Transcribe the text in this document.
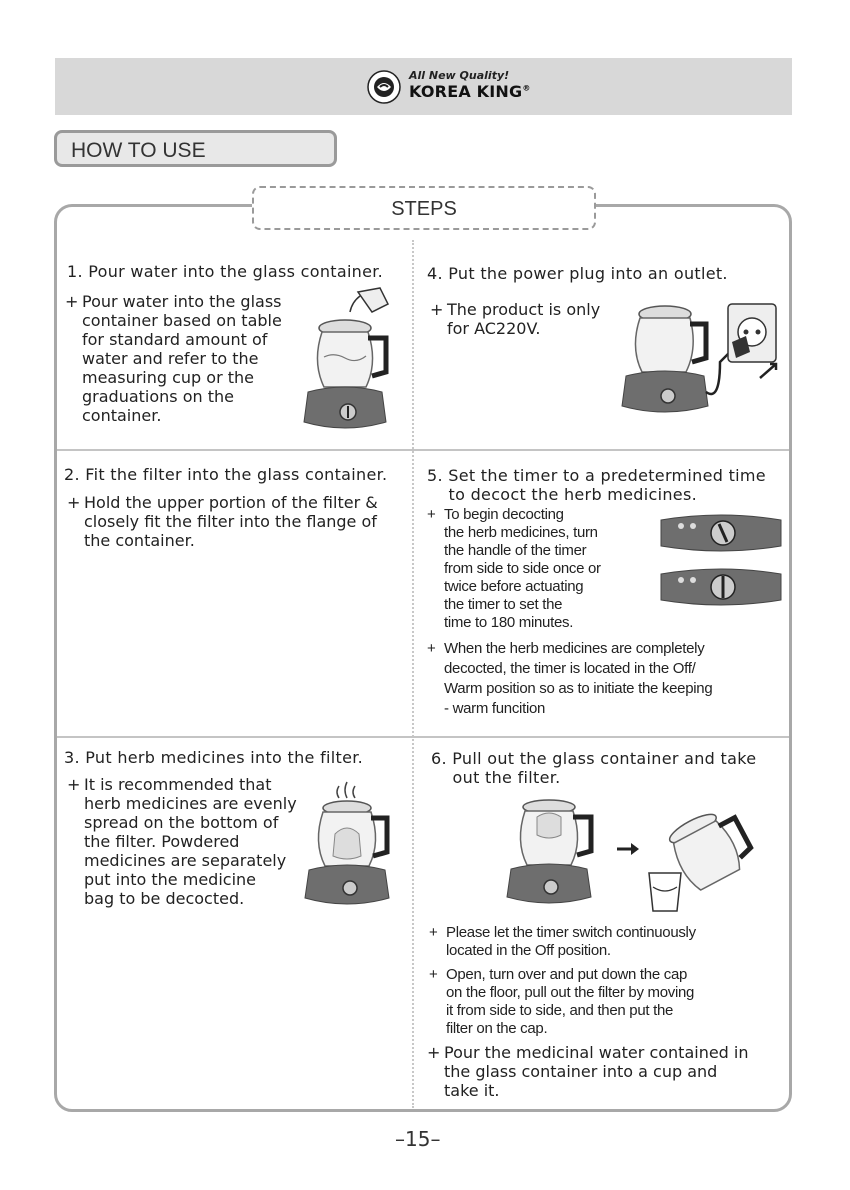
All New Quality!
KOREA KING®
HOW TO USE
STEPS
1. Pour water into the glass container.
+ Pour water into the glass
container based on table
for standard amount of
water and refer to the
measuring cup or the
graduations on the
container.
4. Put the power plug into an outlet.
+ The product is only
for AC220V.
2. Fit the filter into the glass container.
+ Hold the upper portion of the filter &
closely fit the filter into the flange of
the container.
5. Set the timer to a predetermined time
to decoct the herb medicines.
+ To begin decocting
the herb medicines, turn
the handle of the timer
from side to side once or
twice before actuating
the timer to set the
time to 180 minutes.
+ When the herb medicines are completely
decocted, the timer is located in the Off/
Warm position so as to initiate the keeping
- warm funcition
3. Put herb medicines into the filter.
+ It is recommended that
herb medicines are evenly
spread on the bottom of
the filter. Powdered
medicines are separately
put into the medicine
bag to be decocted.
6. Pull out the glass container and take
out the filter.
+ Please let the timer switch continuously
located in the Off position.
+ Open, turn over and put down the cap
on the floor, pull out the filter by moving
it from side to side, and then put the
filter on the cap.
+ Pour the medicinal water contained in
the glass container into a cup and
take it.
–15–
